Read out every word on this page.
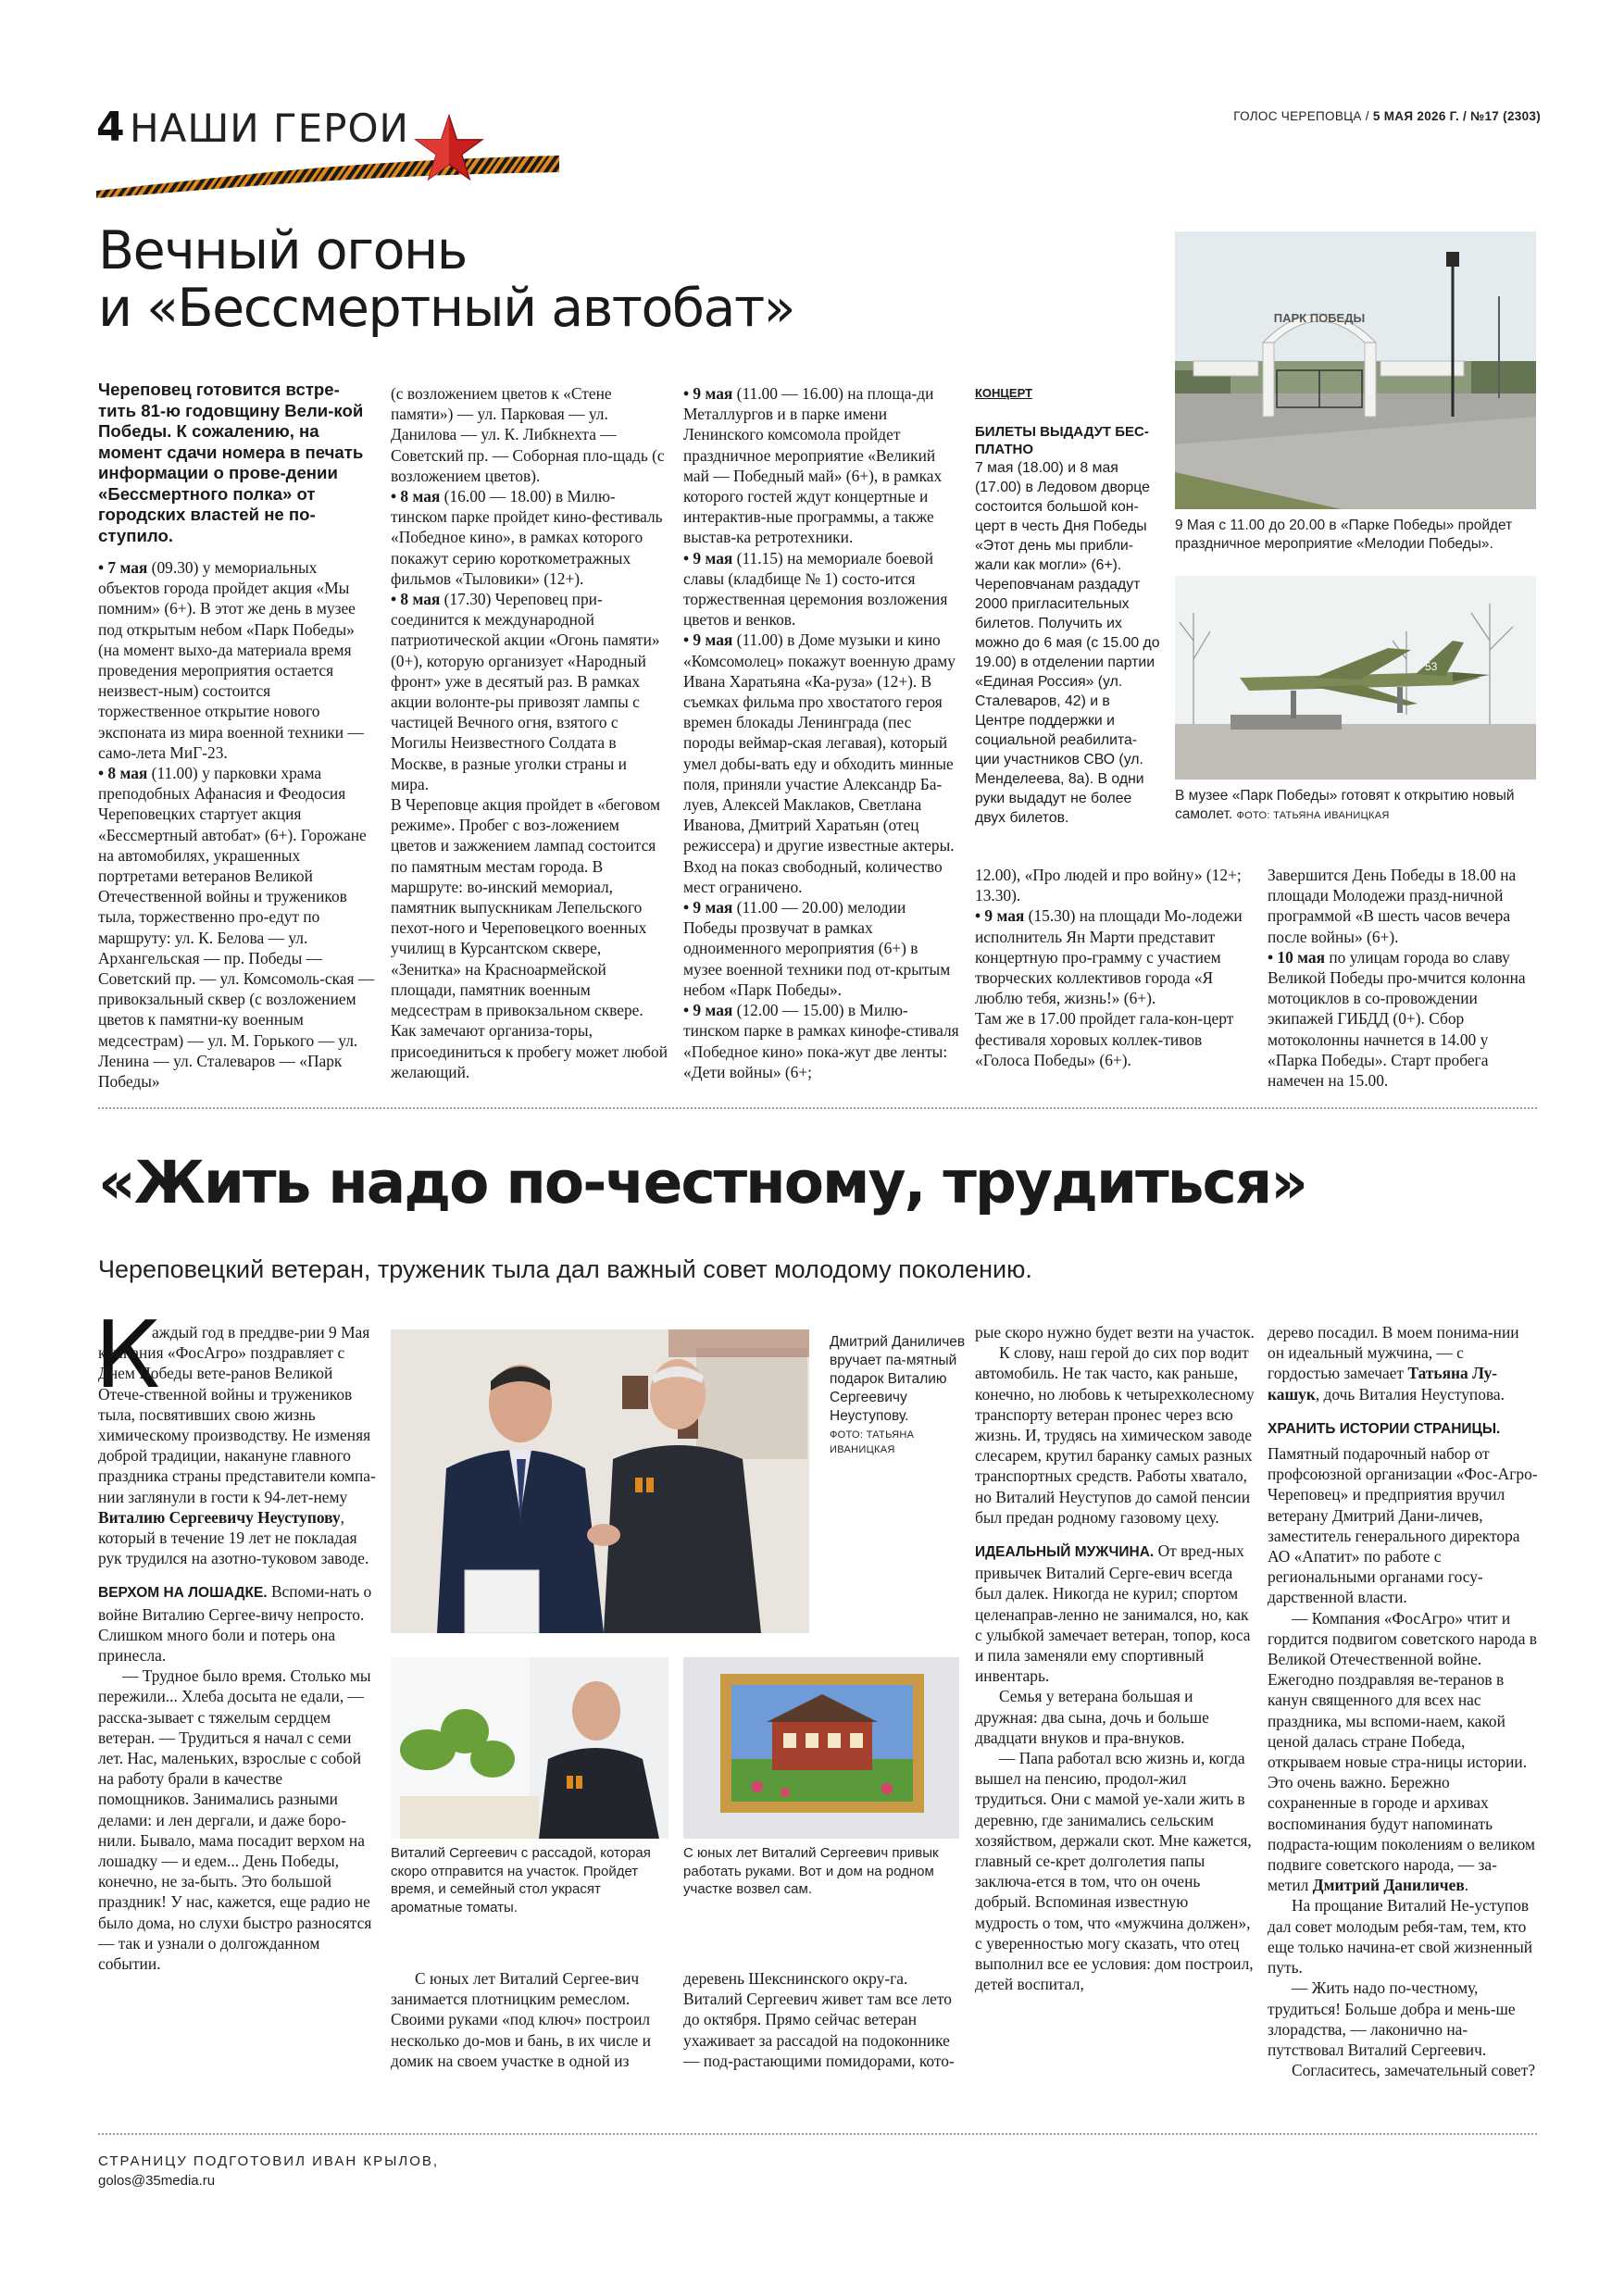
4 НАШИ ГЕРОИ	ГОЛОС ЧЕРЕПОВЦА / 5 МАЯ 2026 Г. / №17 (2303)
Вечный огонь
и «Бессмертный автобат»
Череповец готовится встре-тить 81-ю годовщину Вели-кой Победы. К сожалению, на момент сдачи номера в печать информации о прове-дении «Бессмертного полка» от городских властей не по-ступило.

• 7 мая (09.30) у мемориальных объектов города пройдет акция «Мы помним» (6+). В этот же день в музее под открытым небом «Парк Победы» (на момент выхо-да материала время проведения мероприятия остается неизвест-ным) состоится торжественное открытие нового экспоната из мира военной техники — само-лета МиГ-23.

• 8 мая (11.00) у парковки храма преподобных Афанасия и Феодосия Череповецких стартует акция «Бессмертный автобат» (6+). Горожане на автомобилях, украшенных портретами ветеранов Великой Отечественной войны и тружеников тыла, торжественно про-едут по маршруту: ул. К. Белова — ул. Архангельская — пр. Победы — Советский пр. — ул. Комсомоль-ская — привокзальный сквер (с возложением цветов к памятни-ку военным медсестрам) — ул. М. Горького — ул. Ленина — ул. Сталеваров — «Парк Победы»

(с возложением цветов к «Стене памяти») — ул. Парковая — ул. Данилова — ул. К. Либкнехта — Советский пр. — Соборная пло-щадь (с возложением цветов).

• 8 мая (16.00 — 18.00) в Милю-тинском парке пройдет кино-фестиваль «Победное кино», в рамках которого покажут серию короткометражных фильмов «Тыловики» (12+).

• 8 мая (17.30) Череповец при-соединится к международной патриотической акции «Огонь памяти» (0+), которую организует «Народный фронт» уже в десятый раз. В рамках акции волонте-ры привозят лампы с частицей Вечного огня, взятого с Могилы Неизвестного Солдата в Москве, в разные уголки страны и мира.

В Череповце акция пройдет в «беговом режиме». Пробег с воз-ложением цветов и зажжением лампад состоится по памятным местам города. В маршруте: во-инский мемориал, памятник выпускникам Лепельского пехот-ного и Череповецкого военных училищ в Курсантском сквере, «Зенитка» на Красноармейской площади, памятник военным медсестрам в привокзальном сквере. Как замечают организа-торы, присоединиться к пробегу может любой желающий.

• 9 мая (11.00 — 16.00) на площа-ди Металлургов и в парке имени Ленинского комсомола пройдет праздничное мероприятие «Великий май — Победный май» (6+), в рамках которого гостей ждут концертные и интерактив-ные программы, а также выстав-ка ретротехники.

• 9 мая (11.15) на мемориале боевой славы (кладбище № 1) состо-ится торжественная церемония возложения цветов и венков.

• 9 мая (11.00) в Доме музыки и кино «Комсомолец» покажут военную драму Ивана Харатьяна «Ка-руза» (12+). В съемках фильма про хвостатого героя времен блокады Ленинграда (пес породы веймар-ская легавая), который умел добы-вать еду и обходить минные поля, приняли участие Александр Ба-луев, Алексей Маклаков, Светлана Иванова, Дмитрий Харатьян (отец режиссера) и другие известные актеры. Вход на показ свободный, количество мест ограничено.

• 9 мая (11.00 — 20.00) мелодии Победы прозвучат в рамках одноименного мероприятия (6+) в музее военной техники под от-крытым небом «Парк Победы».

• 9 мая (12.00 — 15.00) в Милю-тинском парке в рамках кинофе-стиваля «Победное кино» пока-жут две ленты: «Дети войны» (6+;

КОНЦЕРТ
БИЛЕТЫ ВЫДАДУТ БЕС-ПЛАТНО
7 мая (18.00) и 8 мая (17.00) в Ледовом дворце состоится большой кон-церт в честь Дня Победы «Этот день мы прибли-жали как могли» (6+). Череповчанам раздадут 2000 пригласительных билетов. Получить их можно до 6 мая (с 15.00 до 19.00) в отделении партии «Единая Россия» (ул. Сталеваров, 42) и в Центре поддержки и социальной реабилита-ции участников СВО (ул. Менделеева, 8а). В одни руки выдадут не более двух билетов.

12.00), «Про людей и про войну» (12+; 13.30).

• 9 мая (15.30) на площади Мо-лодежи исполнитель Ян Марти представит концертную про-грамму с участием творческих коллективов города «Я люблю тебя, жизнь!» (6+).

Там же в 17.00 пройдет гала-кон-церт фестиваля хоровых коллек-тивов «Голоса Победы» (6+).

Завершится День Победы в 18.00 на площади Молодежи празд-ничной программой «В шесть часов вечера после войны» (6+).

• 10 мая по улицам города во славу Великой Победы про-мчится колонна мотоциклов в со-провождении экипажей ГИБДД (0+). Сбор мотоколонны начнется в 14.00 у «Парка Победы». Старт пробега намечен на 15.00.

ПАРК ПОБЕДЫ
9 Мая с 11.00 до 20.00 в «Парке Победы» пройдет праздничное мероприятие «Мелодии Победы».
53
В музее «Парк Победы» готовят к открытию новый самолет. ФОТО: ТАТЬЯНА ИВАНИЦКАЯ
«Жить надо по-честному, трудиться»
Череповецкий ветеран, труженик тыла дал важный совет молодому поколению.
К

аждый год в преддве-рии 9 Мая компания «ФосАгро» поздравляет с Днем Победы вете-ранов Великой Отече-ственной войны и тружеников тыла, посвятивших свою жизнь химическому производству. Не изменяя доброй традиции, накануне главного праздника страны представители компа-нии заглянули в гости к 94-лет-нему Виталию Сергеевичу Неуступову, который в течение 19 лет не покладая рук трудился на азотно-туковом заводе.

ВЕРХОМ НА ЛОШАДКЕ. Вспоми-нать о войне Виталию Сергее-вичу непросто. Слишком много боли и потерь она принесла.

— Трудное было время. Столько мы пережили... Хлеба досыта не едали, — расска-зывает с тяжелым сердцем ветеран. — Трудиться я начал с семи лет. Нас, маленьких, взрослые с собой на работу брали в качестве помощников. Занимались разными делами: и лен дергали, и даже боро-нили. Бывало, мама посадит верхом на лошадку — и едем... День Победы, конечно, не за-быть. Это большой праздник! У нас, кажется, еще радио не было дома, но слухи быстро разносятся — так и узнали о долгожданном событии.

Дмитрий Даниличев вручает па-мятный подарок Виталию Сергеевичу Неуступову.
ФОТО: ТАТЬЯНА ИВАНИЦКАЯ
Виталий Сергеевич с рассадой, которая скоро отправится на участок. Пройдет время, и семейный стол украсят ароматные томаты.
С юных лет Виталий Сергеевич привык работать руками. Вот и дом на родном участке возвел сам.
С юных лет Виталий Сергее-вич занимается плотницким ремеслом. Своими руками «под ключ» построил несколько до-мов и бань, в их числе и домик на своем участке в одной из
деревень Шекснинского окру-га. Виталий Сергеевич живет там все лето до октября. Прямо сейчас ветеран ухаживает за рассадой на подоконнике — под-растающими помидорами, кото-

рые скоро нужно будет везти на участок.

К слову, наш герой до сих пор водит автомобиль. Не так часто, как раньше, конечно, но любовь к четырехколесному транспорту ветеран пронес через всю жизнь. И, трудясь на химическом заводе слесарем, крутил баранку самых разных транспортных средств. Работы хватало, но Виталий Неуступов до самой пенсии был предан родному газовому цеху.

ИДЕАЛЬНЫЙ МУЖЧИНА. От вред-ных привычек Виталий Серге-евич всегда был далек. Никогда не курил; спортом целенаправ-ленно не занимался, но, как с улыбкой замечает ветеран, топор, коса и пила заменяли ему спортивный инвентарь.

Семья у ветерана большая и дружная: два сына, дочь и больше двадцати внуков и пра-внуков.

— Папа работал всю жизнь и, когда вышел на пенсию, продол-жил трудиться. Они с мамой уе-хали жить в деревню, где занимались сельским хозяйством, держали скот. Мне кажется, главный се-крет долголетия папы заключа-ется в том, что он очень добрый. Вспоминая известную мудрость о том, что «мужчина должен», с уверенностью могу сказать, что отец выполнил все ее условия: дом построил, детей воспитал,

дерево посадил. В моем понима-нии он идеальный мужчина, — с гордостью замечает Татьяна Лу-кашук, дочь Виталия Неуступова.

ХРАНИТЬ ИСТОРИИ СТРАНИЦЫ.

Памятный подарочный набор от профсоюзной организации «Фос-Агро-Череповец» и предприятия вручил ветерану Дмитрий Дани-личев, заместитель генерального директора АО «Апатит» по работе с региональными органами госу-дарственной власти.

— Компания «ФосАгро» чтит и гордится подвигом советского народа в Великой Отечественной войне. Ежегодно поздравляя ве-теранов в канун священного для всех нас праздника, мы вспоми-наем, какой ценой далась стране Победа, открываем новые стра-ницы истории. Это очень важно. Бережно сохраненные в городе и архивах воспоминания будут напоминать подраста-ющим поколениям о великом подвиге советского народа, — за-метил Дмитрий Даниличев.

На прощание Виталий Не-уступов дал совет молодым ребя-там, тем, кто еще только начина-ет свой жизненный путь.

— Жить надо по-честному, трудиться! Больше добра и мень-ше злорадства, — лаконично на-путствовал Виталий Сергеевич.

Согласитесь, замечательный совет?

СТРАНИЦУ ПОДГОТОВИЛ ИВАН КРЫЛОВ,
golos@35media.ru
